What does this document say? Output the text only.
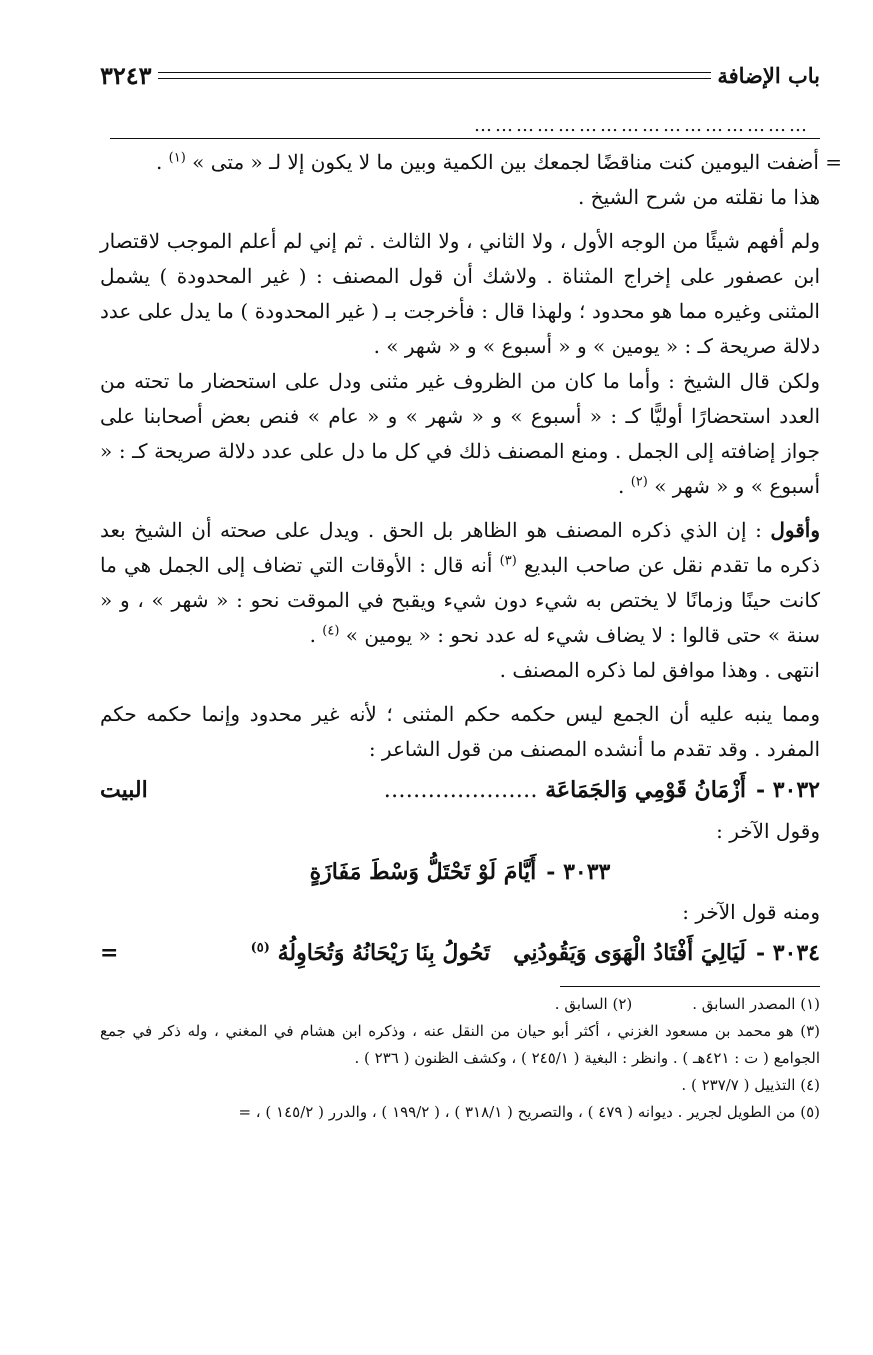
باب الإضافة
٣٢٤٣
…………………………………………

= أضفت اليومين كنت مناقضًا لجمعك بين الكمية وبين ما لا يكون إلا لـ « متى » $^{(١)}$ .

هذا ما نقلته من شرح الشيخ .

ولم أفهم شيئًا من الوجه الأول ، ولا الثاني ، ولا الثالث . ثم إني لم أعلم الموجب لاقتصار ابن عصفور على إخراج المثناة . ولاشك أن قول المصنف : ( غير المحدودة ) يشمل المثنى وغيره مما هو محدود ؛ ولهذا قال : فأخرجت بـ ( غير المحدودة ) ما يدل على عدد دلالة صريحة كـ : « يومين » و « أسبوع » و « شهر » .

ولكن قال الشيخ : وأما ما كان من الظروف غير مثنى ودل على استحضار ما تحته من العدد استحضارًا أوليًّا كـ : « أسبوع » و « شهر » و « عام » فنص بعض أصحابنا على جواز إضافته إلى الجمل . ومنع المصنف ذلك في كل ما دل على عدد دلالة صريحة كـ : « أسبوع » و « شهر » $^{(٢)}$ .

وأقول : إن الذي ذكره المصنف هو الظاهر بل الحق . ويدل على صحته أن الشيخ بعد ذكره ما تقدم نقل عن صاحب البديع $^{(٣)}$ أنه قال : الأوقات التي تضاف إلى الجمل هي ما كانت حينًا وزمانًا لا يختص به شيء دون شيء ويقبح في الموقت نحو : « شهر » ، و « سنة » حتى قالوا : لا يضاف شيء له عدد نحو : « يومين » $^{(٤)}$ .

انتهى . وهذا موافق لما ذكره المصنف .

ومما ينبه عليه أن الجمع ليس حكمه حكم المثنى ؛ لأنه غير محدود وإنما حكمه حكم المفرد . وقد تقدم ما أنشده المصنف من قول الشاعر :

٣٠٣٢ -أَزْمَانُ قَوْمِي وَالجَمَاعَة …………………
البيت

وقول الآخر :

٣٠٣٣ -أَيَّامَ لَوْ تَحْتَلُّ وَسْطَ مَفَازَةٍ

ومنه قول الآخر :

٣٠٣٤ -لَيَالِيَ أَفْتَادُ الْهَوَى وَيَقُودُنِي   تَحُولُ بِنَا رَيْحَانُهُ وَتُحَاوِلُهُ $^{(٥)}$
=

(١) المصدر السابق .(٢) السابق .

(٣) هو محمد بن مسعود الغزني ، أكثر أبو حيان من النقل عنه ، وذكره ابن هشام في المغني ، وله ذكر في جمع الجوامع ( ت : ٤٢١هـ ) . وانظر : البغية ( ٢٤٥/١ ) ، وكشف الظنون ( ٢٣٦ ) .

(٤) التذييل ( ٢٣٧/٧ ) .

(٥) من الطويل لجرير . ديوانه ( ٤٧٩ ) ، والتصريح ( ٣١٨/١ ) ، ( ١٩٩/٢ ) ، والدرر ( ١٤٥/٢ ) ، =
